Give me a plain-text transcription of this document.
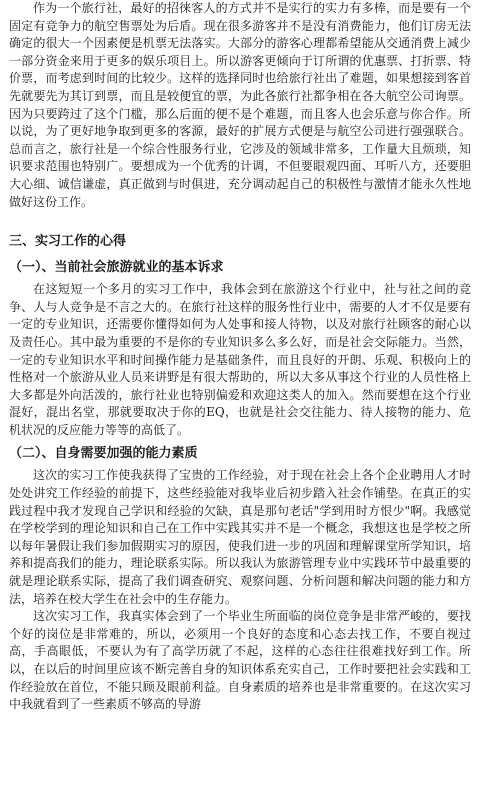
作为一个旅行社，最好的招徕客人的方式并不是实行的实力有多棒，而是要有一个固定有竞争力的航空售票处为后盾。现在很多游客并不是没有消费能力，他们订房无法确定的很大一个因素便是机票无法落实。大部分的游客心理都希望能从交通消费上减少一部分资金来用于更多的娱乐项目上。所以游客更倾向于订所谓的优惠票、打折票、特价票，而考虑到时间的比较少。这样的选择同时也给旅行社出了难题，如果想接到客首先就要先为其订到票，而且是较便宜的票，为此各旅行社都争相在各大航空公司询票。因为只要跨过了这个门槛，那么后面的便不是个难题，而且客人也会乐意与你合作。所以说，为了更好地争取到更多的客源，最好的扩展方式便是与航空公司进行强强联合。总而言之，旅行社是一个综合性服务行业，它涉及的领域非常多，工作量大且烦琐，知识要求范围也特别广。要想成为一个优秀的计调，不但要眼观四面、耳听八方，还要胆大心细、诚信谦虚，真正做到与时俱进，充分调动起自己的积极性与激情才能永久性地做好这份工作。

三、实习工作的心得
（一）、当前社会旅游就业的基本诉求

在这短短一个多月的实习工作中，我体会到在旅游这个行业中，社与社之间的竞争、人与人竞争是不言之大的。在旅行社这样的服务性行业中，需要的人才不仅是要有一定的专业知识，还需要你懂得如何为人处事和接人待物，以及对旅行社顾客的耐心以及责任心。其中最为重要的不是你的专业知识多么多么好，而是社会交际能力。当然，一定的专业知识水平和时间操作能力是基础条件，而且良好的开朗、乐观、积极向上的性格对一个旅游从业人员来讲野是有很大帮助的，所以大多从事这个行业的人员性格上大多都是外向活泼的，旅行社业也特别偏爱和欢迎这类人的加入。然而要想在这个行业混好，混出名堂，那就要取决于你的EQ，也就是社会交往能力、待人接物的能力、危机状况的反应能力等等的高低了。

（二）、自身需要加强的能力素质

这次的实习工作使我获得了宝贵的工作经验，对于现在社会上各个企业聘用人才时处处讲究工作经验的前提下，这些经验能对我毕业后初步踏入社会作铺垫。在真正的实践过程中我才发现自己学识和经验的欠缺，真是那句老话"学到用时方恨少"啊。我感觉在学校学到的理论知识和自己在工作中实践其实并不是一个概念，我想这也是学校之所以每年暑假让我们参加假期实习的原因，使我们进一步的巩固和理解课堂所学知识，培养和提高我们的能力，理论联系实际。所以我认为旅游管理专业中实践环节中最重要的就是理论联系实际，提高了我们调查研究、观察问题、分析问题和解决问题的能力和方法，培养在校大学生在社会中的生存能力。

这次实习工作，我真实体会到了一个毕业生所面临的岗位竞争是非常严峻的，要找个好的岗位是非常难的，所以，必须用一个良好的态度和心态去找工作，不要自视过高，手高眼低，不要认为有了高学历就了不起，这样的心态往往很难找好到工作。所以，在以后的时间里应该不断完善自身的知识体系充实自己，工作时要把社会实践和工作经验放在首位，不能只顾及眼前利益。自身素质的培养也是非常重要的。在这次实习中我就看到了一些素质不够高的导游
